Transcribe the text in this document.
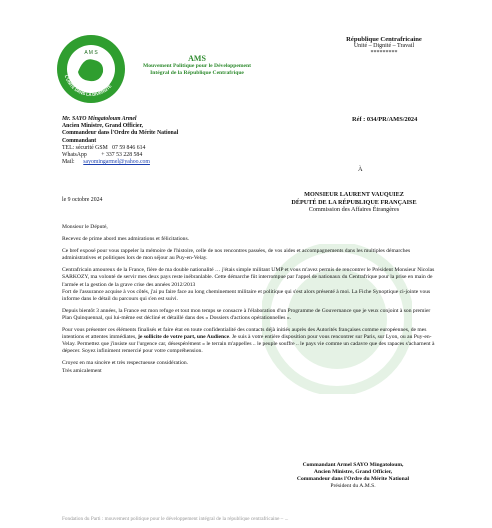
A M S
L'UNITÉ DANS LA DIVERSITÉ
AMS
Mouvement Politique pour le Développement
Intégral de la République Centrafrique
République Centrafricaine
Unité – Dignité – Travail
*********
Mr. SAYO Mingatoloum Armel
Ancien Ministre, Grand Officier,
Commandeur dans l'Ordre du Mérite National
Commandant
TEL: sécurité GSM   07 59 846 614
WhatsApp          + 337 53 228 584
Mail: sayomingarmel@yahoo.com
Réf : 034/PR/AMS/2024
À
le 9 octobre 2024
MONSIEUR LAURENT VAUQUIEZ
DÉPUTÉ DE LA RÉPUBLIQUE FRANÇAISE
Commission des Affaires Étrangères

Monsieur le Député,

Recevez de prime abord mes admirations et félicitations.

Ce bref exposé pour vous rappeler la mémoire de l'histoire, celle de nos rencontres passées, de vos aides et accompagnements dans les multiples démarches administratives et politiques lors de mon séjour au Puy-en-Velay.

Centrafricain amoureux de la France, fière de ma double nationalité … j'étais simple militant UMP et vous m'avez permis de rencontrer le Président Monsieur Nicolas SARKOZY, ma volonté de servir mes deux pays reste inébranlable. Cette démarche fût interrompue par l'appel de nationaux du Centrafrique pour la prise en main de l'armée et la gestion de la grave crise des années 2012/2013
Fort de l'assurance acquise à vos côtés, j'ai pu faire face au long cheminement militaire et politique qui s'est alors présenté à moi. La Fiche Synoptique ci-jointe vous informe dans le détail du parcours qui s'en est suivi.

Depuis bientôt 3 années, la France est mon refuge et tout mon temps se consacre à l'élaboration d'un Programme de Gouvernance que je veux conjoint à son premier Plan Quinquennal, qui lui-même est décliné et détaillé dans des « Dossiers d'actions opérationnelles ».

Pour vous présenter ces éléments finalisés et faire état en toute confidentialité des contacts déjà initiés auprès des Autorités françaises comme européennes, de mes intentions et attentes immédiates, je sollicite de votre part, une Audience. Je suis à votre entière disposition pour vous rencontrer sur Paris, sur Lyon, ou au Puy-en-Velay. Permettez que j'insiste sur l'urgence car, désespérément « le terrain m'appelles .. le peuple souffre .. le pays vie comme un cadavre que des rapaces s'acharnent à dépecer. Soyez infiniment remercié pour votre compréhension.

Croyez en ma sincère et très respectueuse considération.
Très amicalement

Commandant Armel SAYO Mingatoloum,
Ancien Ministre, Grand Officier,
Commandeur dans l'Ordre du Mérite National
Président du A.M.S.
Fondation du Parti : mouvement politique pour le développement intégral de la république centrafricaine – ...
